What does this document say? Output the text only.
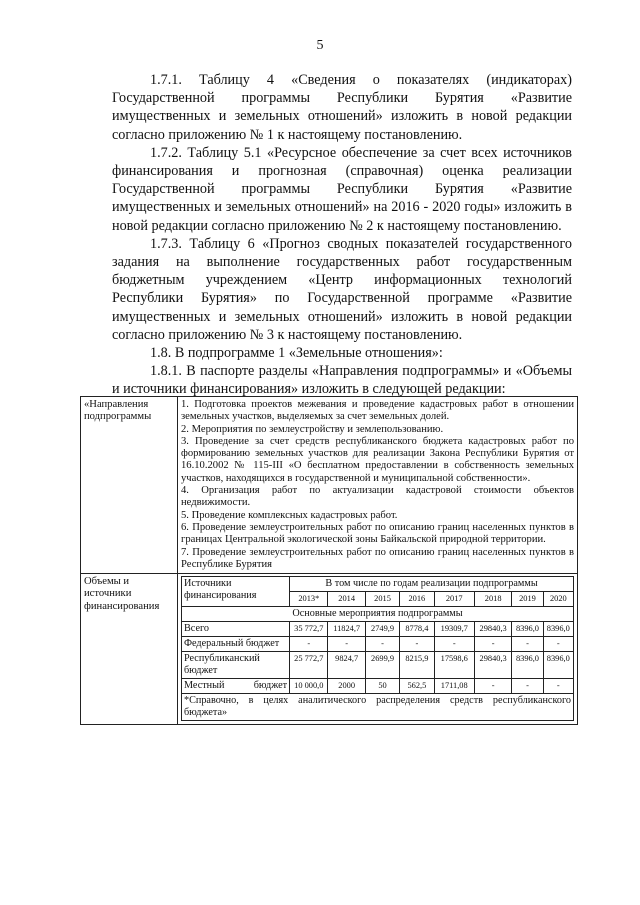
5

1.7.1. Таблицу 4 «Сведения о показателях (индикаторах) Государственной программы Республики Бурятия «Развитие имущественных и земельных отношений» изложить в новой редакции согласно приложению № 1 к настоящему постановлению.

1.7.2. Таблицу 5.1 «Ресурсное обеспечение за счет всех источников финансирования и прогнозная (справочная) оценка реализации Государственной программы Республики Бурятия «Развитие имущественных и земельных отношений» на 2016 - 2020 годы» изложить в новой редакции согласно приложению № 2 к настоящему постановлению.

1.7.3. Таблицу 6 «Прогноз сводных показателей государственного задания на выполнение государственных работ государственным бюджетным учреждением «Центр информационных технологий Республики Бурятия» по Государственной программе «Развитие имущественных и земельных отношений» изложить в новой редакции согласно приложению № 3 к настоящему постановлению.

1.8. В подпрограмме 1 «Земельные отношения»:

1.8.1. В паспорте разделы «Направления подпрограммы» и «Объемы и источники финансирования» изложить в следующей редакции:

«Направления подпрограммы	
1. Подготовка проектов межевания и проведение кадастровых работ в отношении земельных участков, выделяемых за счет земельных долей.
2. Мероприятия по землеустройству и землепользованию.
3. Проведение за счет средств республиканского бюджета кадастровых работ по формированию земельных участков для реализации Закона Республики Бурятия от 16.10.2002 № 115-III «О бесплатном предоставлении в собственность земельных участков, находящихся в государственной и муниципальной собственности».
4. Организация работ по актуализации кадастровой стоимости объектов недвижимости.
5. Проведение комплексных кадастровых работ.
6. Проведение землеустроительных работ по описанию границ населенных пунктов в границах Центральной экологической зоны Байкальской природной территории.
7. Проведение землеустроительных работ по описанию границ населенных пунктов в Республике Бурятия

Объемы и источники финансирования	
Источники финансирования	В том числе по годам реализации подпрограммы
2013*	2014	2015	2016	2017	2018	2019	2020
Основные мероприятия подпрограммы
Всего	35 772,7	11824,7	2749,9	8778,4	19309,7	29840,3	8396,0	8396,0
Федеральный бюджет	-	-	-	-	-	-	-	-
Республиканский бюджет	25 772,7	9824,7	2699,9	8215,9	17598,6	29840,3	8396,0	8396,0
Местный бюджет	10 000,0	2000	50	562,5	1711,08	-	-	-
*Справочно, в целях аналитического распределения средств республиканского бюджета»
